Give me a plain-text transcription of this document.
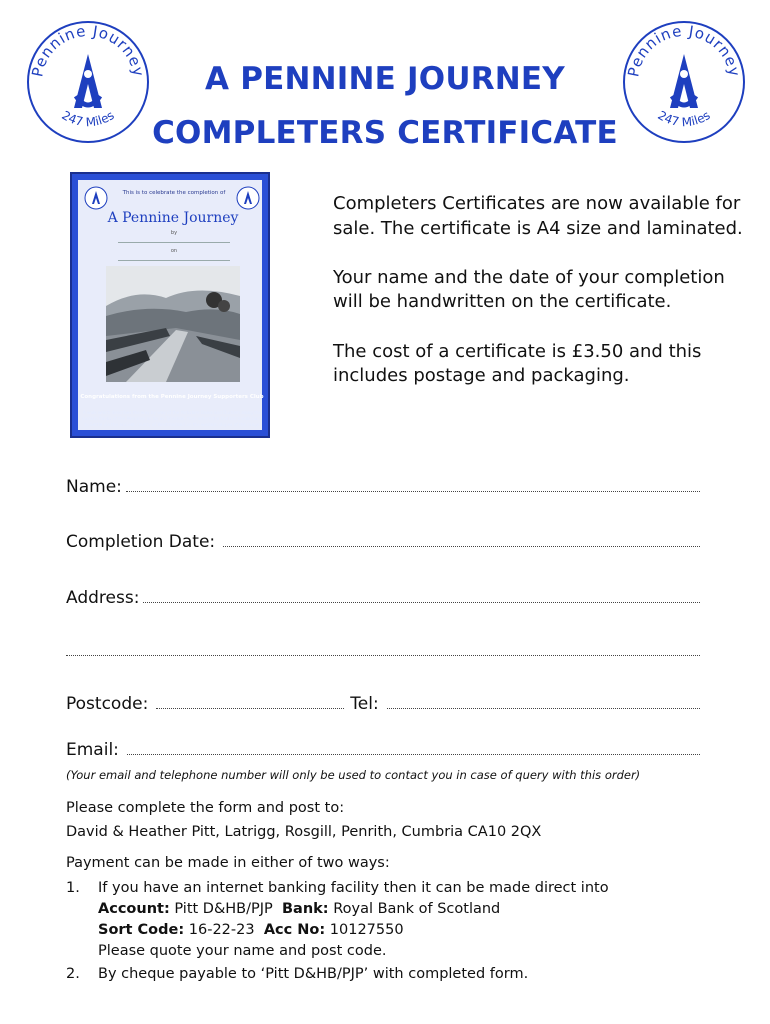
Pennine Journey
247 Miles
Pennine Journey
247 Miles
A PENNINE JOURNEY
COMPLETERS CERTIFICATE
This is to celebrate the completion of
A Pennine Journey
by
on
Congratulations from the Pennine Journey Supporters Club
A walk which describes the way by way of the Yorkshire Dales and Durham along the eastern flanks of the Pennines as far as Tynedale, from where the hadrian's walk back to Settle via the ancient county of Westmorland on the western slopes of the range

Completers Certificates are now available for sale. The certificate is A4 size and laminated.

Your name and the date of your completion will be handwritten on the certificate.

The cost of a certificate is £3.50 and this includes postage and packaging.

Name:
Completion Date:
Address:
Postcode:	Tel:
Email:
(Your email and telephone number will only be used to contact you in case of query with this order)
Please complete the form and post to:
David & Heather Pitt, Latrigg, Rosgill, Penrith, Cumbria CA10 2QX
Payment can be made in either of two ways:
1. If you have an internet banking facility then it can be made direct into
Account: Pitt D&HB/PJP Bank: Royal Bank of Scotland
Sort Code: 16-22-23 Acc No: 10127550
Please quote your name and post code.
2. By cheque payable to ‘Pitt D&HB/PJP’ with completed form.
